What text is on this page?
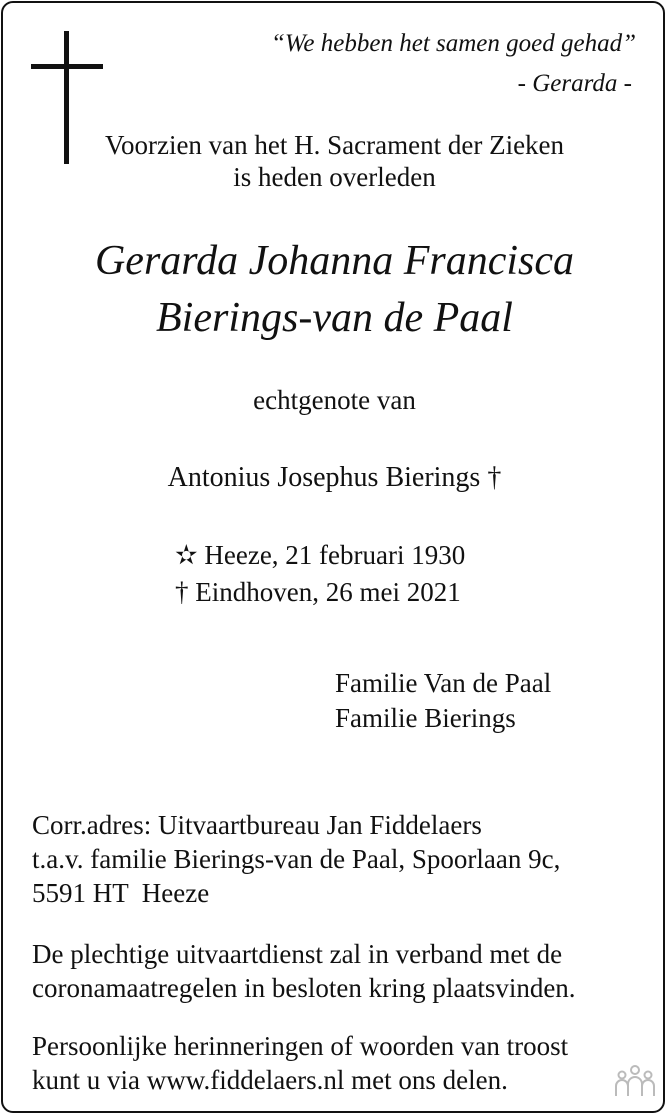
“We hebben het samen goed gehad”
- Gerarda -
Voorzien van het H. Sacrament der Zieken
is heden overleden
Gerarda Johanna Francisca
Bierings-van de Paal
echtgenote van
Antonius Josephus Bierings †
✫ Heeze, 21 februari 1930
† Eindhoven, 26 mei 2021
Familie Van de Paal
Familie Bierings
Corr.adres: Uitvaartbureau Jan Fiddelaers
t.a.v. familie Bierings-van de Paal, Spoorlaan 9c,
5591 HT  Heeze
De plechtige uitvaartdienst zal in verband met de
coronamaatregelen in besloten kring plaatsvinden.
Persoonlijke herinneringen of woorden van troost
kunt u via www.fiddelaers.nl met ons delen.
